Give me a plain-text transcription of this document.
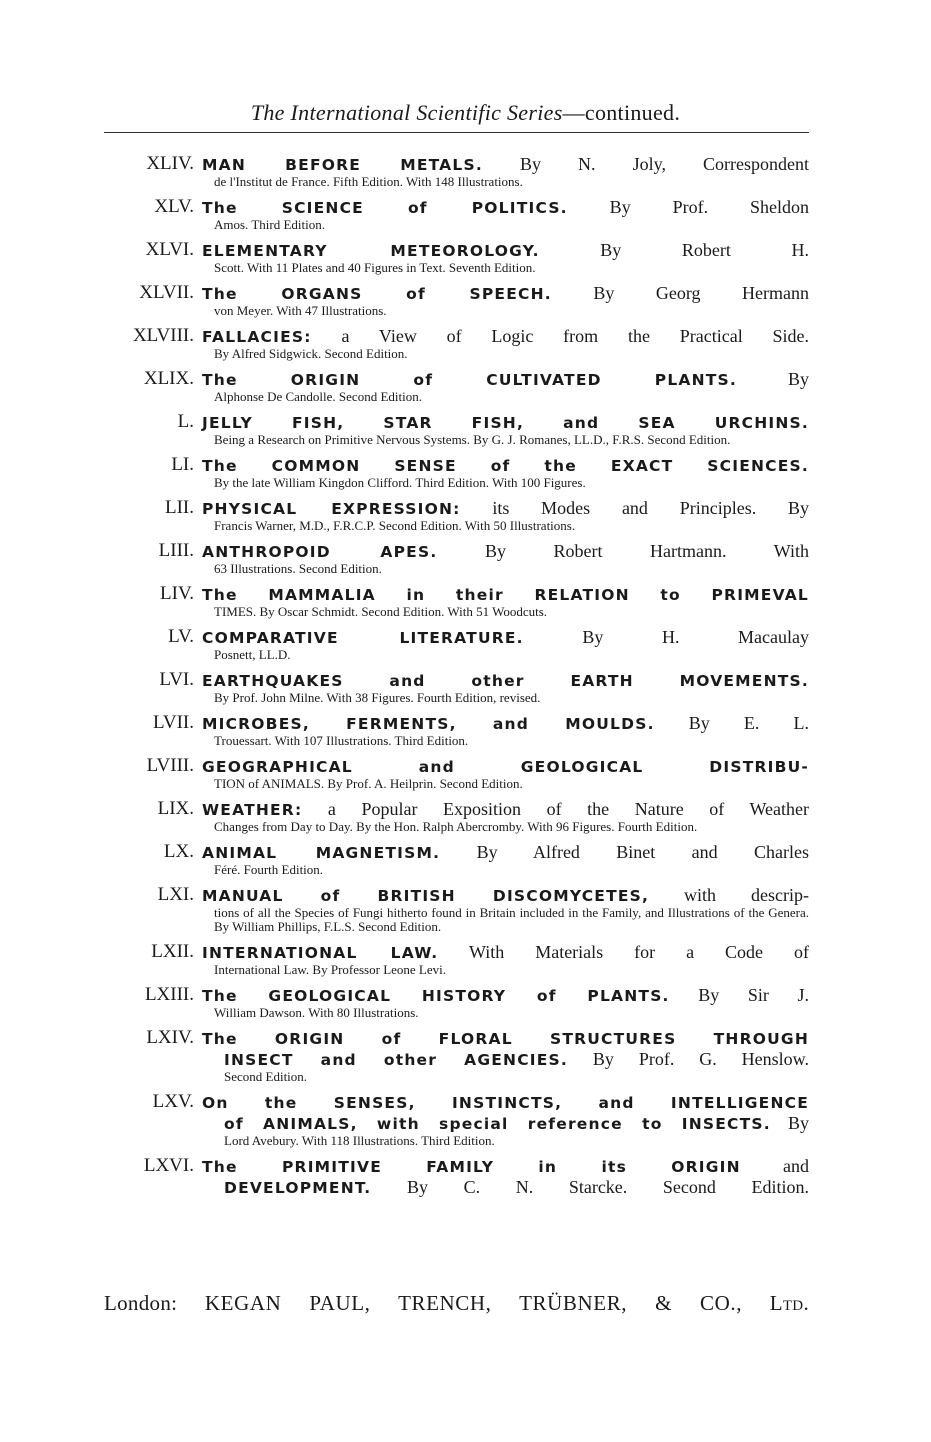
The International Scientific Series—continued.
XLIV. MAN BEFORE METALS. By N. Joly, Correspondent
de l'Institut de France. Fifth Edition. With 148 Illustrations.
XLV. The SCIENCE of POLITICS. By Prof. Sheldon
Amos. Third Edition.
XLVI. ELEMENTARY METEOROLOGY. By Robert H.
Scott. With 11 Plates and 40 Figures in Text. Seventh Edition.
XLVII. The ORGANS of SPEECH. By Georg Hermann
von Meyer. With 47 Illustrations.
XLVIII. FALLACIES: a View of Logic from the Practical Side.
By Alfred Sidgwick. Second Edition.
XLIX. The ORIGIN of CULTIVATED PLANTS. By
Alphonse De Candolle. Second Edition.
L. JELLY FISH, STAR FISH, and SEA URCHINS.
Being a Research on Primitive Nervous Systems. By G. J. Romanes, LL.D., F.R.S. Second Edition.
LI. The COMMON SENSE of the EXACT SCIENCES.
By the late William Kingdon Clifford. Third Edition. With 100 Figures.
LII. PHYSICAL EXPRESSION: its Modes and Principles. By
Francis Warner, M.D., F.R.C.P. Second Edition. With 50 Illustrations.
LIII. ANTHROPOID APES. By Robert Hartmann. With
63 Illustrations. Second Edition.
LIV. The MAMMALIA in their RELATION to PRIMEVAL
TIMES. By Oscar Schmidt. Second Edition. With 51 Woodcuts.
LV. COMPARATIVE LITERATURE. By H. Macaulay
Posnett, LL.D.
LVI. EARTHQUAKES and other EARTH MOVEMENTS.
By Prof. John Milne. With 38 Figures. Fourth Edition, revised.
LVII. MICROBES, FERMENTS, and MOULDS. By E. L.
Trouessart. With 107 Illustrations. Third Edition.
LVIII. GEOGRAPHICAL and GEOLOGICAL DISTRIBU-
TION of ANIMALS. By Prof. A. Heilprin. Second Edition.
LIX. WEATHER: a Popular Exposition of the Nature of Weather
Changes from Day to Day. By the Hon. Ralph Abercromby. With 96 Figures. Fourth Edition.
LX. ANIMAL MAGNETISM. By Alfred Binet and Charles
Féré. Fourth Edition.
LXI. MANUAL of BRITISH DISCOMYCETES, with descrip-
tions of all the Species of Fungi hitherto found in Britain included in the Family, and Illustrations of the Genera. By William Phillips, F.L.S. Second Edition.
LXII. INTERNATIONAL LAW. With Materials for a Code of
International Law. By Professor Leone Levi.
LXIII. The GEOLOGICAL HISTORY of PLANTS. By Sir J.
William Dawson. With 80 Illustrations.
LXIV. The ORIGIN of FLORAL STRUCTURES THROUGH
INSECT and other AGENCIES. By Prof. G. Henslow.
Second Edition.
LXV. On the SENSES, INSTINCTS, and INTELLIGENCE
of ANIMALS, with special reference to INSECTS. By
Lord Avebury. With 118 Illustrations. Third Edition.
LXVI. The PRIMITIVE FAMILY in its ORIGIN and
DEVELOPMENT. By C. N. Starcke. Second Edition.
London: KEGAN PAUL, TRENCH, TRÜBNER, & CO., Ltd.
